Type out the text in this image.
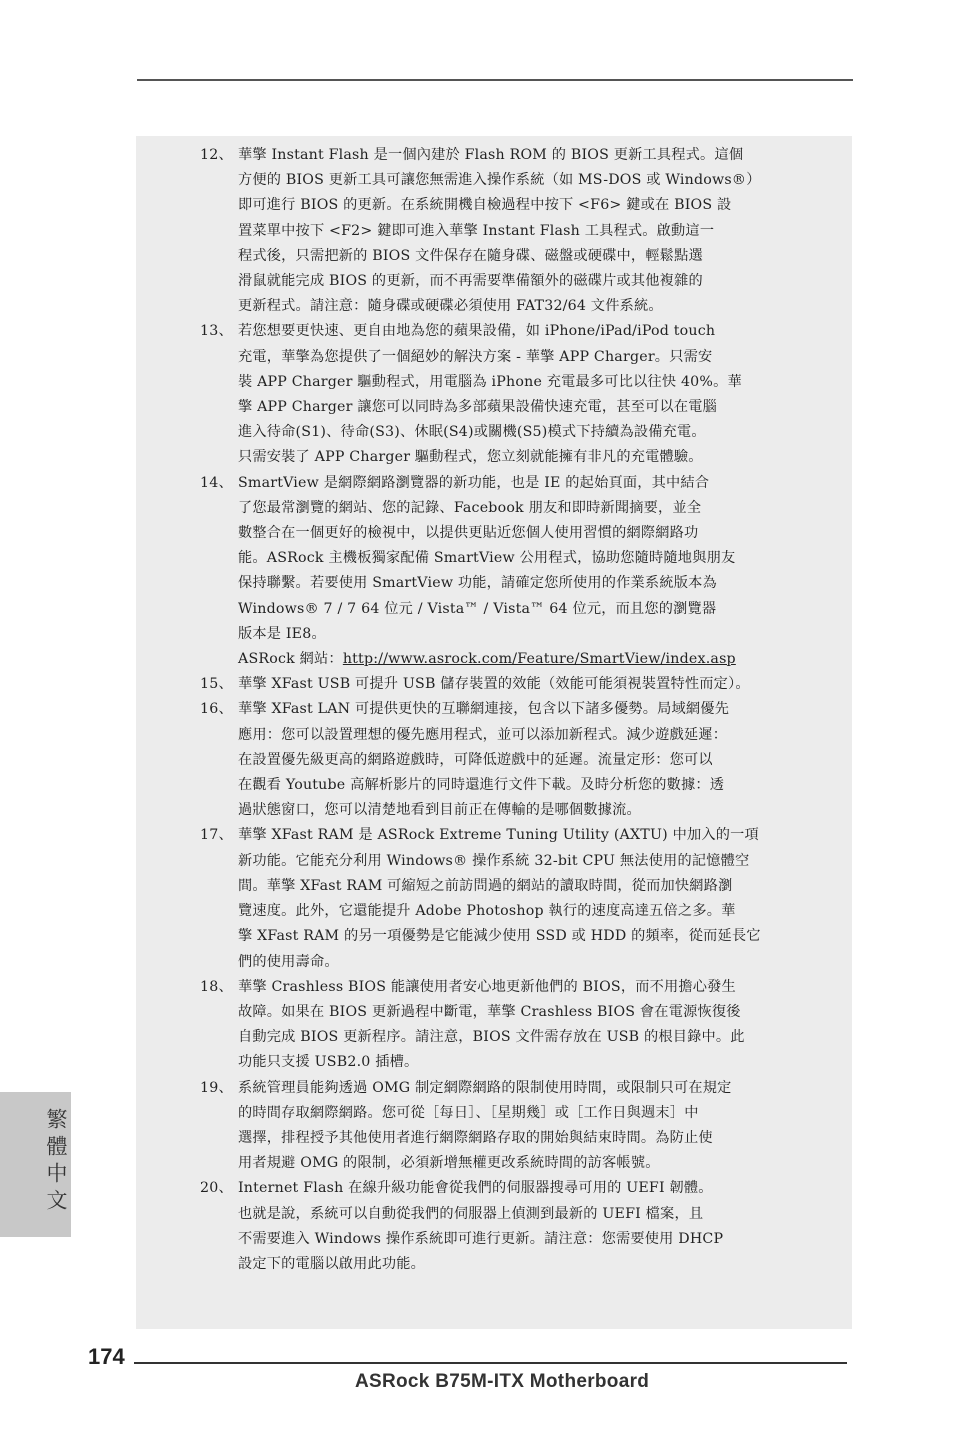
12、 華擎 Instant Flash 是一個內建於 Flash ROM 的 BIOS 更新工具程式。這個
方便的 BIOS 更新工具可讓您無需進入操作系統（如 MS-DOS 或 Windows®）
即可進行 BIOS 的更新。在系統開機自檢過程中按下 <F6> 鍵或在 BIOS 設
置菜單中按下 <F2> 鍵即可進入華擎 Instant Flash 工具程式。啟動這一
程式後，只需把新的 BIOS 文件保存在隨身碟、磁盤或硬碟中，輕鬆點選
滑鼠就能完成 BIOS 的更新，而不再需要準備額外的磁碟片或其他複雜的
更新程式。請注意：隨身碟或硬碟必須使用 FAT32/64 文件系統。
13、 若您想要更快速、更自由地為您的蘋果設備，如 iPhone/iPad/iPod touch
充電，華擎為您提供了一個絕妙的解決方案 - 華擎 APP Charger。只需安
裝 APP Charger 驅動程式，用電腦為 iPhone 充電最多可比以往快 40%。華
擎 APP Charger 讓您可以同時為多部蘋果設備快速充電，甚至可以在電腦
進入待命(S1)、待命(S3)、休眠(S4)或關機(S5)模式下持續為設備充電。
只需安裝了 APP Charger 驅動程式，您立刻就能擁有非凡的充電體驗。
14、 SmartView 是網際網路瀏覽器的新功能，也是 IE 的起始頁面，其中結合
了您最常瀏覽的網站、您的記錄、Facebook 朋友和即時新聞摘要，並全
數整合在一個更好的檢視中，以提供更貼近您個人使用習慣的網際網路功
能。ASRock 主機板獨家配備 SmartView 公用程式，協助您隨時隨地與朋友
保持聯繫。若要使用 SmartView 功能，請確定您所使用的作業系統版本為
Windows® 7 / 7 64 位元 / Vista™ / Vista™ 64 位元，而且您的瀏覽器
版本是 IE8。
ASRock 網站：http://www.asrock.com/Feature/SmartView/index.asp
15、 華擎 XFast USB 可提升 USB 儲存裝置的效能（效能可能須視裝置特性而定）。
16、 華擎 XFast LAN 可提供更快的互聯網連接，包含以下諸多優勢。局域網優先
應用：您可以設置理想的優先應用程式，並可以添加新程式。減少遊戲延遲：
在設置優先級更高的網路遊戲時，可降低遊戲中的延遲。流量定形：您可以
在觀看 Youtube 高解析影片的同時還進行文件下載。及時分析您的數據：透
過狀態窗口，您可以清楚地看到目前正在傳輸的是哪個數據流。
17、 華擎 XFast RAM 是 ASRock Extreme Tuning Utility (AXTU) 中加入的一項
新功能。它能充分利用 Windows® 操作系統 32-bit CPU 無法使用的記憶體空
間。華擎 XFast RAM 可縮短之前訪問過的網站的讀取時間，從而加快網路瀏
覽速度。此外，它還能提升 Adobe Photoshop 執行的速度高達五倍之多。華
擎 XFast RAM 的另一項優勢是它能減少使用 SSD 或 HDD 的頻率，從而延長它
們的使用壽命。
18、 華擎 Crashless BIOS 能讓使用者安心地更新他們的 BIOS，而不用擔心發生
故障。如果在 BIOS 更新過程中斷電，華擎 Crashless BIOS 會在電源恢復後
自動完成 BIOS 更新程序。請注意，BIOS 文件需存放在 USB 的根目錄中。此
功能只支援 USB2.0 插槽。
19、 系統管理員能夠透過 OMG 制定網際網路的限制使用時間，或限制只可在規定
的時間存取網際網路。您可從［每日］、［星期幾］或［工作日與週末］中
選擇，排程授予其他使用者進行網際網路存取的開始與結束時間。為防止使
用者規避 OMG 的限制，必須新增無權更改系統時間的訪客帳號。
20、 Internet Flash 在線升級功能會從我們的伺服器搜尋可用的 UEFI 韌體。
也就是說，系統可以自動從我們的伺服器上偵測到最新的 UEFI 檔案，且
不需要進入 Windows 操作系統即可進行更新。請注意：您需要使用 DHCP
設定下的電腦以啟用此功能。
繁體中文
174
ASRock B75M-ITX Motherboard
